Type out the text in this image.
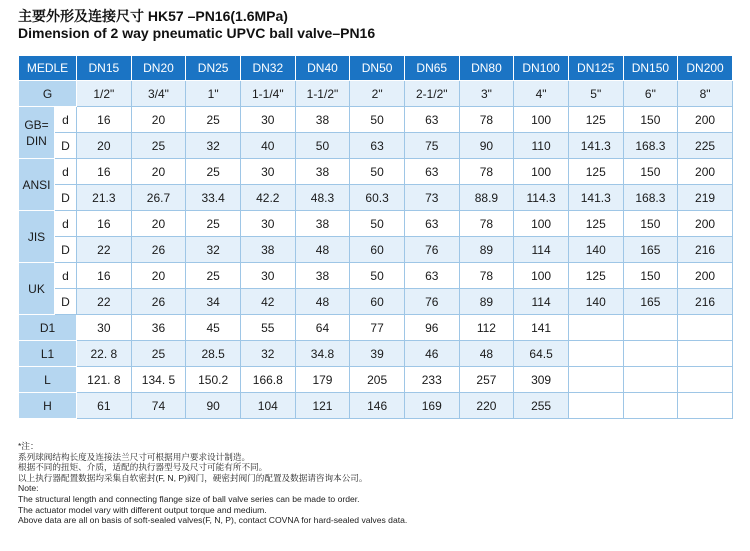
主要外形及连接尺寸 HK57 –PN16(1.6MPa)
Dimension of 2 way pneumatic UPVC ball valve–PN16
MEDLE		DN15	DN20	DN25	DN32	DN40	DN50	DN65	DN80	DN100	DN125	DN150	DN200
G		1/2"	3/4"	1"	1-1/4"	1-1/2"	2"	2-1/2"	3"	4"	5"	6"	8"
GB=
DIN	d	16	20	25	30	38	50	63	78	100	125	150	200
	D	20	25	32	40	50	63	75	90	110	141.3	168.3	225
ANSI	d	16	20	25	30	38	50	63	78	100	125	150	200
	D	21.3	26.7	33.4	42.2	48.3	60.3	73	88.9	114.3	141.3	168.3	219
JIS	d	16	20	25	30	38	50	63	78	100	125	150	200
	D	22	26	32	38	48	60	76	89	114	140	165	216
UK	d	16	20	25	30	38	50	63	78	100	125	150	200
	D	22	26	34	42	48	60	76	89	114	140	165	216
D1		30	36	45	55	64	77	96	112	141			
L1		22. 8	25	28.5	32	34.8	39	46	48	64.5			
L		121. 8	134. 5	150.2	166.8	179	205	233	257	309			
H		61	74	90	104	121	146	169	220	255			
*注：
系列球阀结构长度及连接法兰尺寸可根据用户要求设计制造。
根据不同的扭矩、介质，适配的执行器型号及尺寸可能有所不同。
以上执行器配置数据均采集自软密封(F, N, P)阀门，硬密封阀门的配置及数据请咨询本公司。
Note:
The structural length and connecting flange size of ball valve series can be made to order.
The actuator model vary with different output torque and medium.
Above data are all on basis of soft-sealed valves(F, N, P), contact COVNA for hard-sealed valves data.
